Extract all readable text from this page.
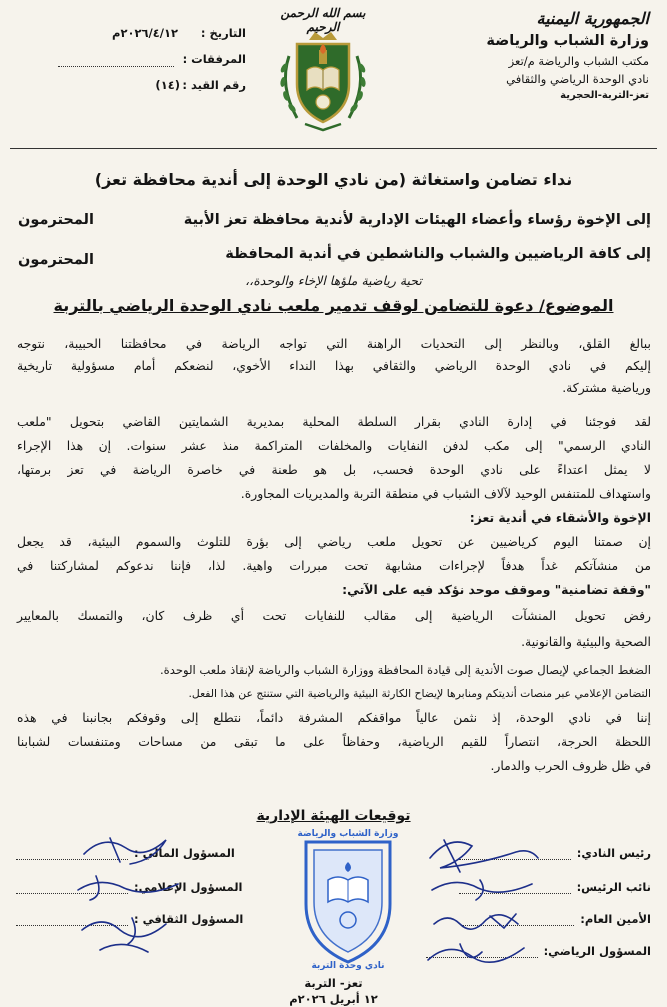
الجمهورية اليمنية
وزارة الشباب والرياضة
مكتب الشباب والرياضة م/تعز
نادي الوحدة الرياضي والثقافي
تعز-التربة-الحجرية
بسم الله الرحمن الرحيم
التاريخ :
٢٠٢٦/٤/١٢م
المرفقات :
رقم القيد :
(١٤)
نداء تضامن واستغاثة (من نادي الوحدة إلى أندية محافظة تعز)
إلى الإخوة رؤساء وأعضاء الهيئات الإدارية لأندية محافظة تعز الأبية
المحترمون
إلى كافة الرياضيين والشباب والناشطين في أندية المحافظة
المحترمون
تحية رياضية ملؤها الإخاء والوحدة،،
الموضوع/ دعوة للتضامن لوقف تدمير ملعب نادي الوحدة الرياضي بالتربة
ببالغ القلق، وبالنظر إلى التحديات الراهنة التي تواجه الرياضة في محافظتنا الحبيبة، نتوجه
إليكم في نادي الوحدة الرياضي والثقافي بهذا النداء الأخوي، لنضعكم أمام مسؤولية تاريخية
ورياضية مشتركة.
لقد فوجئنا في إدارة النادي بقرار السلطة المحلية بمديرية الشمايتين القاضي بتحويل "ملعب
النادي الرسمي" إلى مكب لدفن النفايات والمخلفات المتراكمة منذ عشر سنوات. إن هذا الإجراء
لا يمثل اعتداءً على نادي الوحدة فحسب، بل هو طعنة في خاصرة الرياضة في تعز برمتها،
واستهداف للمتنفس الوحيد لآلاف الشباب في منطقة التربة والمديريات المجاورة.
الإخوة والأشقاء في أندية تعز:
إن صمتنا اليوم كرياضيين عن تحويل ملعب رياضي إلى بؤرة للتلوث والسموم البيئية، قد يجعل
من منشآتكم غداً هدفاً لإجراءات مشابهة تحت مبررات واهية. لذا، فإننا ندعوكم لمشاركتنا في
"وقفة تضامنية" وموقف موحد نؤكد فيه على الآتي:
رفض تحويل المنشآت الرياضية إلى مقالب للنفايات تحت أي ظرف كان، والتمسك بالمعايير
الصحية والبيئية والقانونية.
الضغط الجماعي لإيصال صوت الأندية إلى قيادة المحافظة ووزارة الشباب والرياضة لإنقاذ ملعب الوحدة.
التضامن الإعلامي عبر منصات أنديتكم ومنابرها لإيضاح الكارثة البيئية والرياضية التي ستنتج عن هذا الفعل.
إننا في نادي الوحدة، إذ نثمن عالياً مواقفكم المشرفة دائماً، نتطلع إلى وقوفكم بجانبنا في هذه
اللحظة الحرجة، انتصاراً للقيم الرياضية، وحفاظاً على ما تبقى من مساحات ومتنفسات لشبابنا
في ظل ظروف الحرب والدمار.
توقيعات الهيئة الإدارية
رئيس النادي:
نائب الرئيس:
الأمين العام:
المسؤول الرياضي:
المسؤول المالي :
المسؤول الإعلامي:
المسؤول الثقافي :
وزارة الشباب والرياضة
نادي وحدة التربة
تعز- التربة
١٢ أبريل ٢٠٢٦م
